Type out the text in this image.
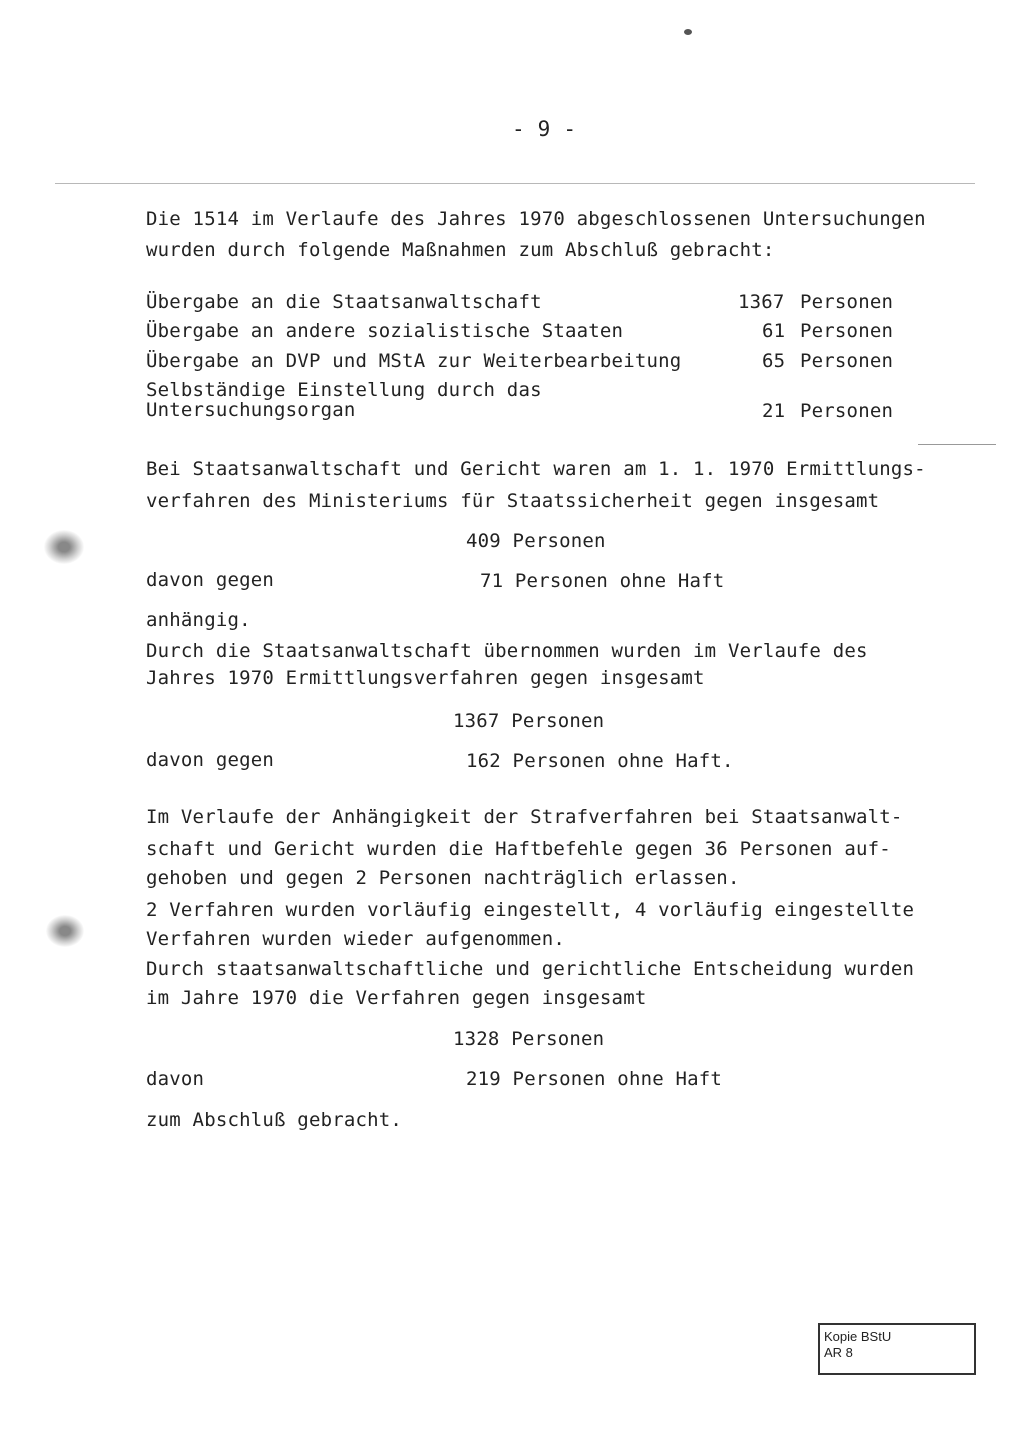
- 9 -
Die 1514 im Verlaufe des Jahres 1970 abgeschlossenen Untersuchungen
wurden durch folgende Maßnahmen zum Abschluß gebracht:
Übergabe an die Staatsanwaltschaft	1367 Personen
Übergabe an andere sozialistische Staaten	61 Personen
Übergabe an DVP und MStA zur Weiterbearbeitung	65 Personen
Selbständige Einstellung durch das
Untersuchungsorgan	21 Personen
Bei Staatsanwaltschaft und Gericht waren am 1. 1. 1970 Ermittlungs-
verfahren des Ministeriums für Staatssicherheit gegen insgesamt
409 Personen
davon gegen	71 Personen ohne Haft
anhängig.
Durch die Staatsanwaltschaft übernommen wurden im Verlaufe des
Jahres 1970 Ermittlungsverfahren gegen insgesamt
1367 Personen
davon gegen	162 Personen ohne Haft.
Im Verlaufe der Anhängigkeit der Strafverfahren bei Staatsanwalt-
schaft und Gericht wurden die Haftbefehle gegen 36 Personen auf-
gehoben und gegen 2 Personen nachträglich erlassen.
2 Verfahren wurden vorläufig eingestellt, 4 vorläufig eingestellte
Verfahren wurden wieder aufgenommen.
Durch staatsanwaltschaftliche und gerichtliche Entscheidung wurden
im Jahre 1970 die Verfahren gegen insgesamt
1328 Personen
davon	219 Personen ohne Haft
zum Abschluß gebracht.
Kopie BStU
AR 8
